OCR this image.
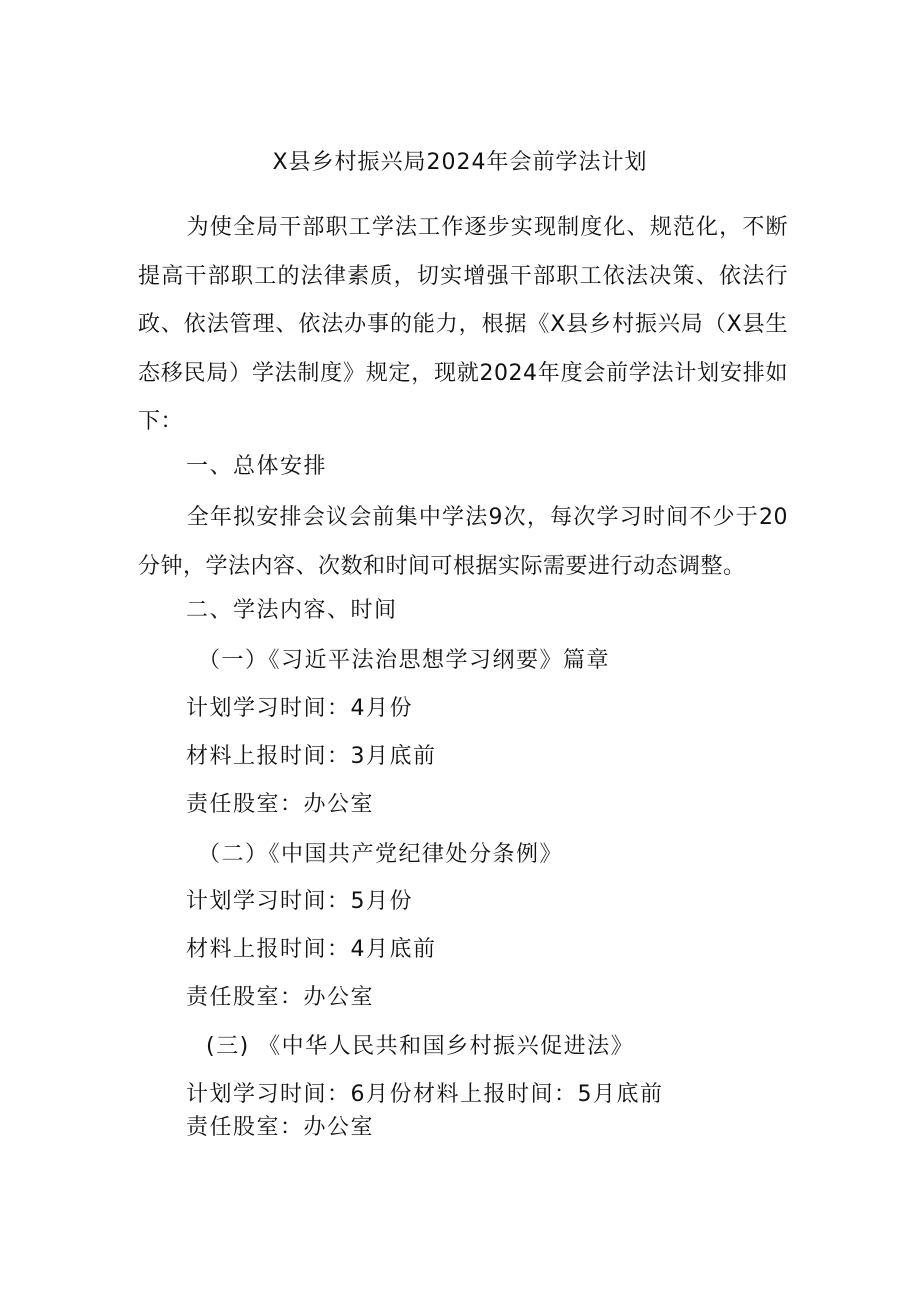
X县乡村振兴局2024年会前学法计划
为使全局干部职工学法工作逐步实现制度化、规范化，不断提高干部职工的法律素质，切实增强干部职工依法决策、依法行政、依法管理、依法办事的能力，根据《X县乡村振兴局（X县生态移民局）学法制度》规定，现就2024年度会前学法计划安排如下：
一、总体安排
全年拟安排会议会前集中学法9次，每次学习时间不少于20分钟，学法内容、次数和时间可根据实际需要进行动态调整。
二、学法内容、时间
（一）《习近平法治思想学习纲要》篇章
计划学习时间：4月份
材料上报时间：3月底前
责任股室：办公室
（二）《中国共产党纪律处分条例》
计划学习时间：5月份
材料上报时间：4月底前
责任股室：办公室
(三) 《中华人民共和国乡村振兴促进法》
计划学习时间：6月份材料上报时间：5月底前
责任股室：办公室
